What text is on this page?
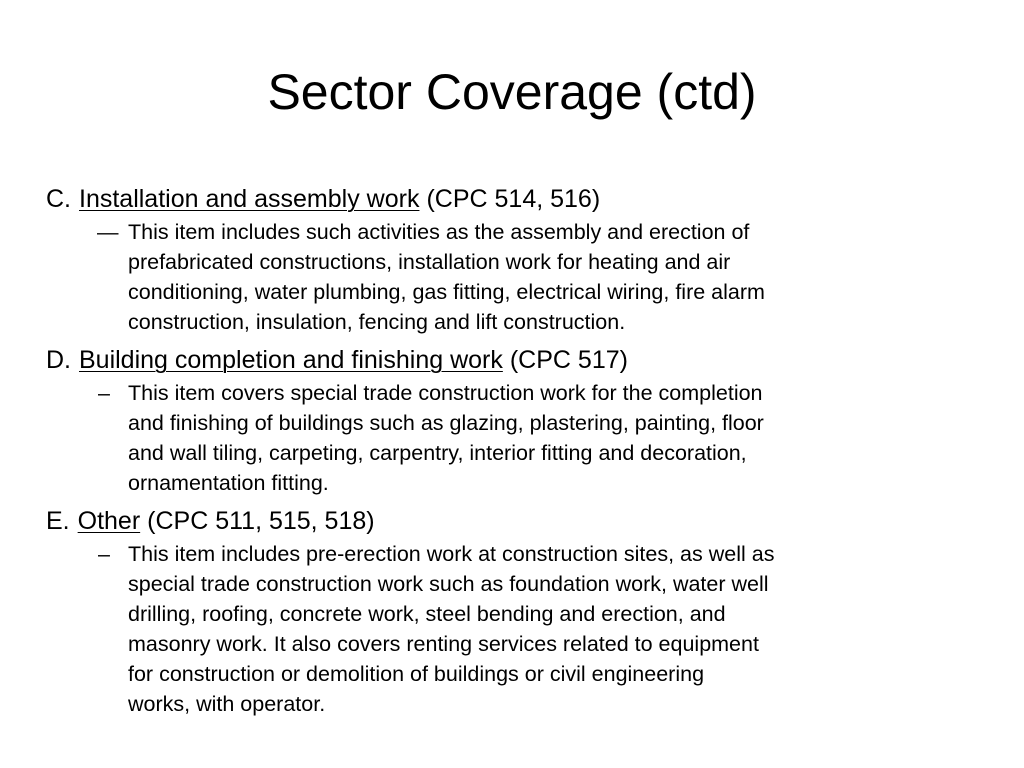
Sector Coverage (ctd)
C. Installation and assembly work (CPC 514, 516)
— This item includes such activities as the assembly and erection of
prefabricated constructions, installation work for heating and air
conditioning, water plumbing, gas fitting, electrical wiring, fire alarm
construction, insulation, fencing and lift construction.
D. Building completion and finishing work (CPC 517)
– This item covers special trade construction work for the completion
and finishing of buildings such as glazing, plastering, painting, floor
and wall tiling, carpeting, carpentry, interior fitting and decoration,
ornamentation fitting.
E. Other (CPC 511, 515, 518)
– This item includes pre-erection work at construction sites, as well as
special trade construction work such as foundation work, water well
drilling, roofing, concrete work, steel bending and erection, and
masonry work. It also covers renting services related to equipment
for construction or demolition of buildings or civil engineering
works, with operator.
